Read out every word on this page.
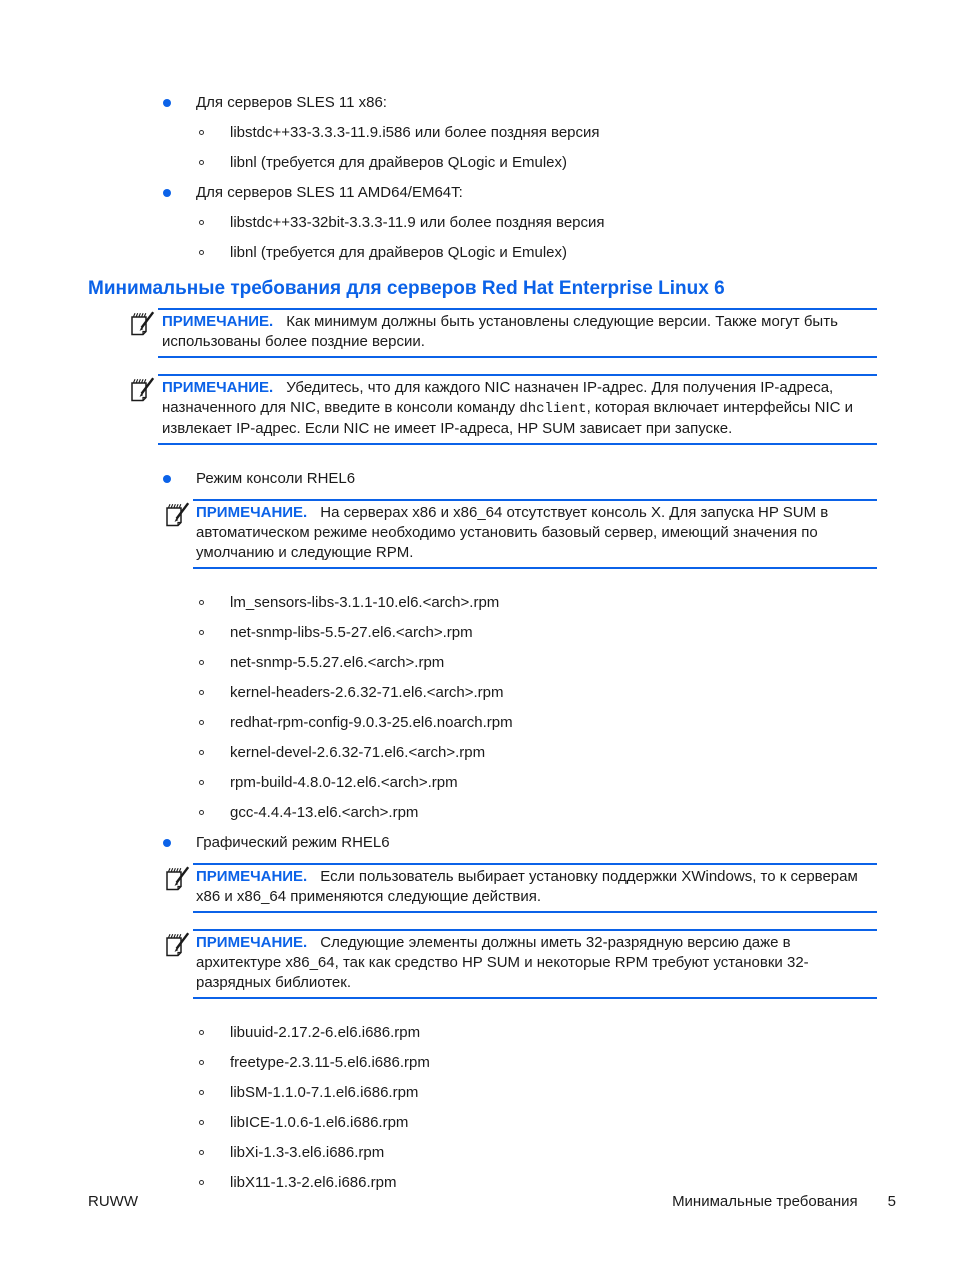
Для серверов SLES 11 x86:
libstdc++33-3.3.3-11.9.i586 или более поздняя версия
libnl (требуется для драйверов QLogic и Emulex)
Для серверов SLES 11 AMD64/EM64T:
libstdc++33-32bit-3.3.3-11.9 или более поздняя версия
libnl (требуется для драйверов QLogic и Emulex)
Минимальные требования для серверов Red Hat Enterprise Linux 6
ПРИМЕЧАНИЕ. Как минимум должны быть установлены следующие версии. Также могут быть использованы более поздние версии.
ПРИМЕЧАНИЕ. Убедитесь, что для каждого NIC назначен IP-адрес. Для получения IP-адреса, назначенного для NIC, введите в консоли команду dhclient, которая включает интерфейсы NIC и извлекает IP-адрес. Если NIC не имеет IP-адреса, HP SUM зависает при запуске.
Режим консоли RHEL6
ПРИМЕЧАНИЕ. На серверах x86 и x86_64 отсутствует консоль X. Для запуска HP SUM в автоматическом режиме необходимо установить базовый сервер, имеющий значения по умолчанию и следующие RPM.
lm_sensors-libs-3.1.1-10.el6.<arch>.rpm
net-snmp-libs-5.5-27.el6.<arch>.rpm
net-snmp-5.5.27.el6.<arch>.rpm
kernel-headers-2.6.32-71.el6.<arch>.rpm
redhat-rpm-config-9.0.3-25.el6.noarch.rpm
kernel-devel-2.6.32-71.el6.<arch>.rpm
rpm-build-4.8.0-12.el6.<arch>.rpm
gcc-4.4.4-13.el6.<arch>.rpm
Графический режим RHEL6
ПРИМЕЧАНИЕ. Если пользователь выбирает установку поддержки XWindows, то к серверам x86 и x86_64 применяются следующие действия.
ПРИМЕЧАНИЕ. Следующие элементы должны иметь 32-разрядную версию даже в архитектуре x86_64, так как средство HP SUM и некоторые RPM требуют установки 32-разрядных библиотек.
libuuid-2.17.2-6.el6.i686.rpm
freetype-2.3.11-5.el6.i686.rpm
libSM-1.1.0-7.1.el6.i686.rpm
libICE-1.0.6-1.el6.i686.rpm
libXi-1.3-3.el6.i686.rpm
libX11-1.3-2.el6.i686.rpm
RUWW	Минимальные требования 5
